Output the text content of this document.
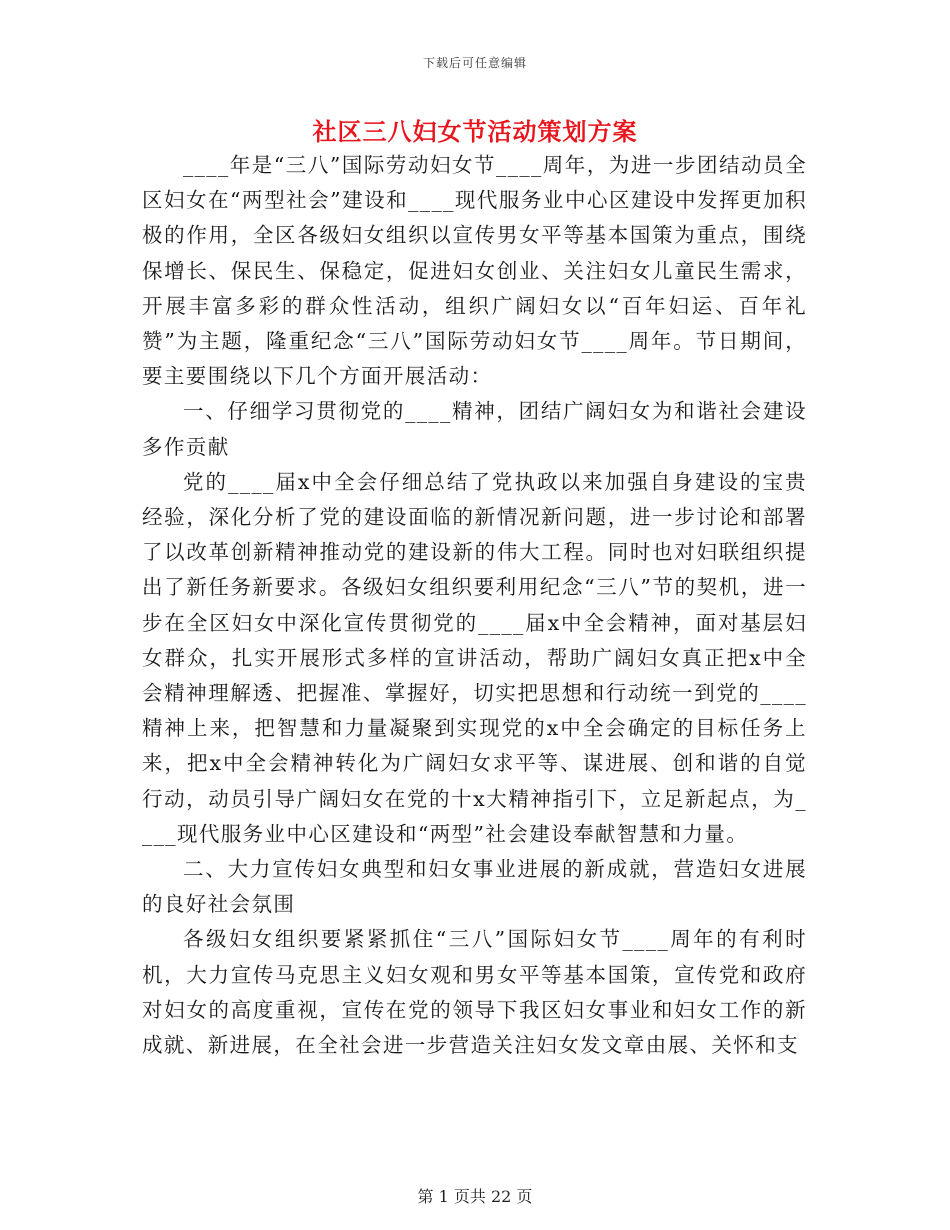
下载后可任意编辑
社区三八妇女节活动策划方案

____年是“三八”国际劳动妇女节____周年，为进一步团结动员全区妇女在“两型社会”建设和____现代服务业中心区建设中发挥更加积极的作用，全区各级妇女组织以宣传男女平等基本国策为重点，围绕保增长、保民生、保稳定，促进妇女创业、关注妇女儿童民生需求，开展丰富多彩的群众性活动，组织广阔妇女以“百年妇运、百年礼赞”为主题，隆重纪念“三八”国际劳动妇女节____周年。节日期间，要主要围绕以下几个方面开展活动：

一、仔细学习贯彻党的____精神，团结广阔妇女为和谐社会建设多作贡献

党的____届x中全会仔细总结了党执政以来加强自身建设的宝贵经验，深化分析了党的建设面临的新情况新问题，进一步讨论和部署了以改革创新精神推动党的建设新的伟大工程。同时也对妇联组织提出了新任务新要求。各级妇女组织要利用纪念“三八”节的契机，进一步在全区妇女中深化宣传贯彻党的____届x中全会精神，面对基层妇女群众，扎实开展形式多样的宣讲活动，帮助广阔妇女真正把x中全会精神理解透、把握准、掌握好，切实把思想和行动统一到党的____精神上来，把智慧和力量凝聚到实现党的x中全会确定的目标任务上来，把x中全会精神转化为广阔妇女求平等、谋进展、创和谐的自觉行动，动员引导广阔妇女在党的十x大精神指引下，立足新起点，为____现代服务业中心区建设和“两型”社会建设奉献智慧和力量。

二、大力宣传妇女典型和妇女事业进展的新成就，营造妇女进展的良好社会氛围

各级妇女组织要紧紧抓住“三八”国际妇女节____周年的有利时机，大力宣传马克思主义妇女观和男女平等基本国策，宣传党和政府对妇女的高度重视，宣传在党的领导下我区妇女事业和妇女工作的新成就、新进展，在全社会进一步营造关注妇女发文章由展、关怀和支

第 1 页共 22 页
